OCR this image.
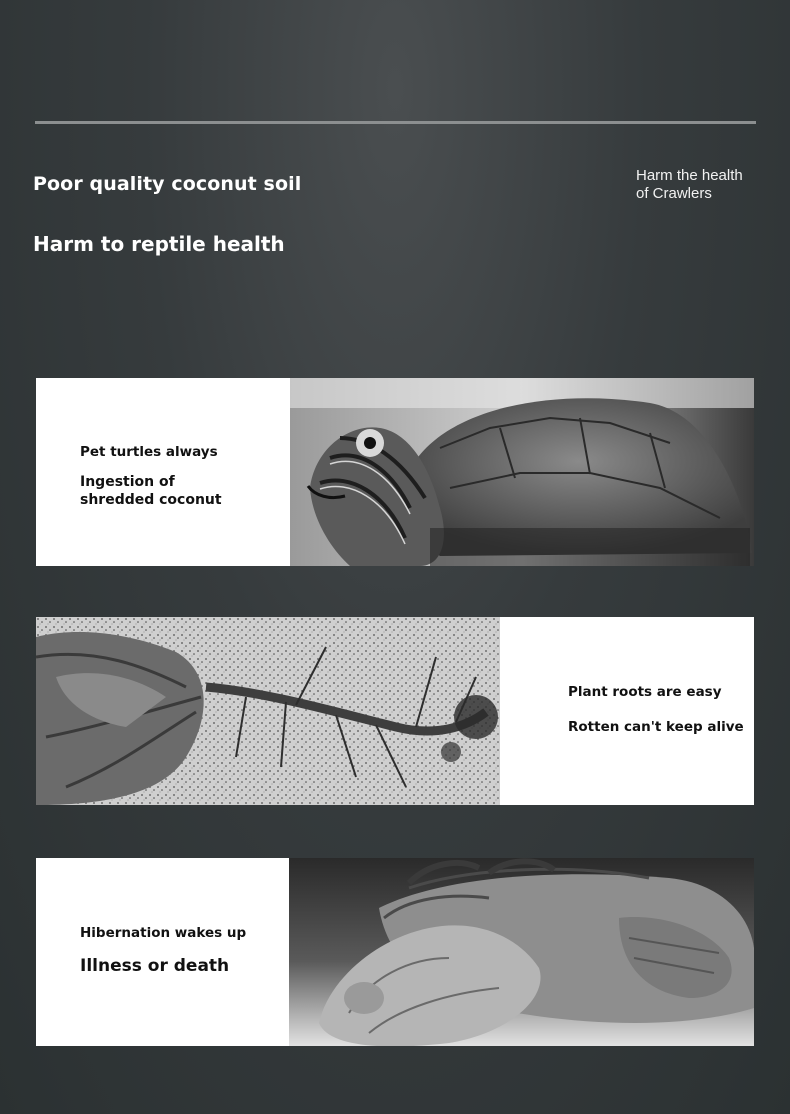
Poor quality coconut soil
Harm to reptile health
Harm the health
of Crawlers
Pet turtles always
Ingestion of
shredded coconut
Plant roots are easy
Rotten can't keep alive
Hibernation wakes up
Illness or death
